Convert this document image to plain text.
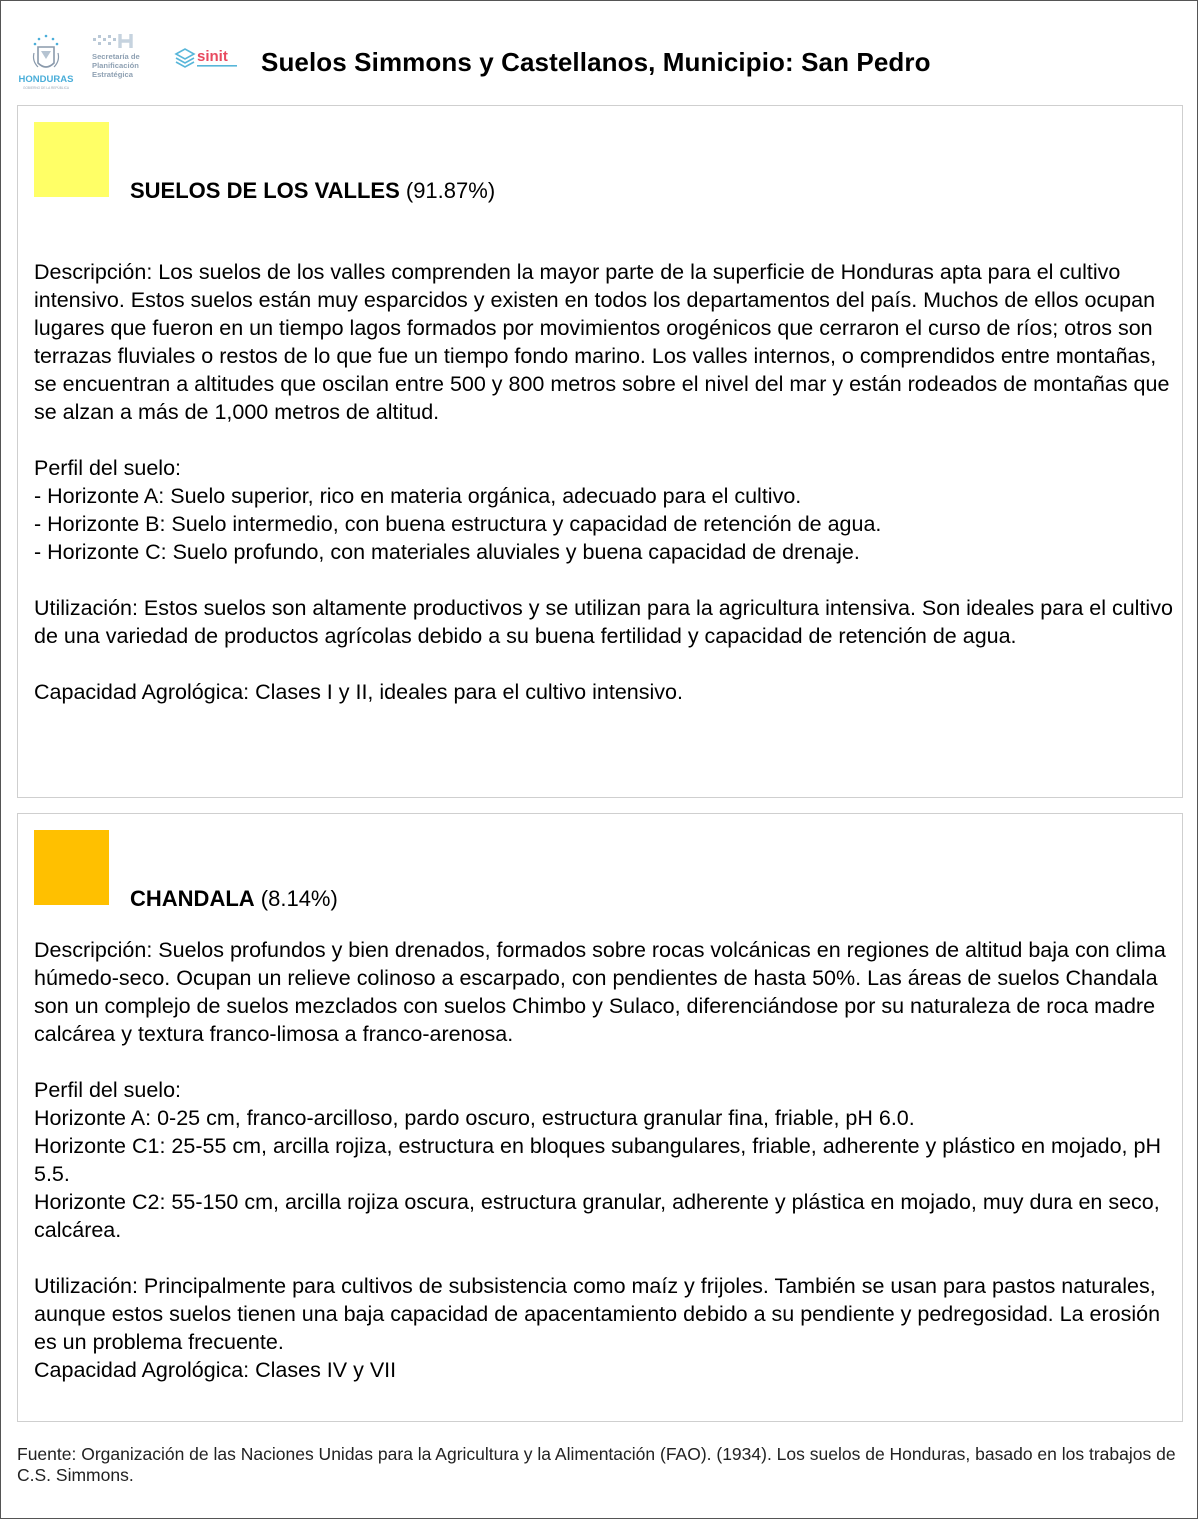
HONDURAS
GOBIERNO DE LA REPÚBLICA
Secretaría de
Planificación
Estratégica
sinit Suelos Simmons y Castellanos, Municipio: San Pedro
SUELOS DE LOS VALLES (91.87%)

Descripción: Los suelos de los valles comprenden la mayor parte de la superficie de Honduras apta para el cultivo intensivo. Estos suelos están muy esparcidos y existen en todos los departamentos del país. Muchos de ellos ocupan lugares que fueron en un tiempo lagos formados por movimientos orogénicos que cerraron el curso de ríos; otros son terrazas fluviales o restos de lo que fue un tiempo fondo marino. Los valles internos, o comprendidos entre montañas, se encuentran a altitudes que oscilan entre 500 y 800 metros sobre el nivel del mar y están rodeados de montañas que se alzan a más de 1,000 metros de altitud.

Perfil del suelo:

- Horizonte A: Suelo superior, rico en materia orgánica, adecuado para el cultivo.

- Horizonte B: Suelo intermedio, con buena estructura y capacidad de retención de agua.

- Horizonte C: Suelo profundo, con materiales aluviales y buena capacidad de drenaje.

Utilización: Estos suelos son altamente productivos y se utilizan para la agricultura intensiva. Son ideales para el cultivo de una variedad de productos agrícolas debido a su buena fertilidad y capacidad de retención de agua.

Capacidad Agrológica: Clases I y II, ideales para el cultivo intensivo.

CHANDALA (8.14%)

Descripción: Suelos profundos y bien drenados, formados sobre rocas volcánicas en regiones de altitud baja con clima húmedo-seco. Ocupan un relieve colinoso a escarpado, con pendientes de hasta 50%. Las áreas de suelos Chandala son un complejo de suelos mezclados con suelos Chimbo y Sulaco, diferenciándose por su naturaleza de roca madre calcárea y textura franco-limosa a franco-arenosa.

Perfil del suelo:

Horizonte A: 0-25 cm, franco-arcilloso, pardo oscuro, estructura granular fina, friable, pH 6.0.

Horizonte C1: 25-55 cm, arcilla rojiza, estructura en bloques subangulares, friable, adherente y plástico en mojado, pH 5.5.

Horizonte C2: 55-150 cm, arcilla rojiza oscura, estructura granular, adherente y plástica en mojado, muy dura en seco, calcárea.

Utilización: Principalmente para cultivos de subsistencia como maíz y frijoles. También se usan para pastos naturales, aunque estos suelos tienen una baja capacidad de apacentamiento debido a su pendiente y pedregosidad. La erosión es un problema frecuente.

Capacidad Agrológica: Clases IV y VII

Fuente: Organización de las Naciones Unidas para la Agricultura y la Alimentación (FAO). (1934). Los suelos de Honduras, basado en los trabajos de C.S. Simmons.
